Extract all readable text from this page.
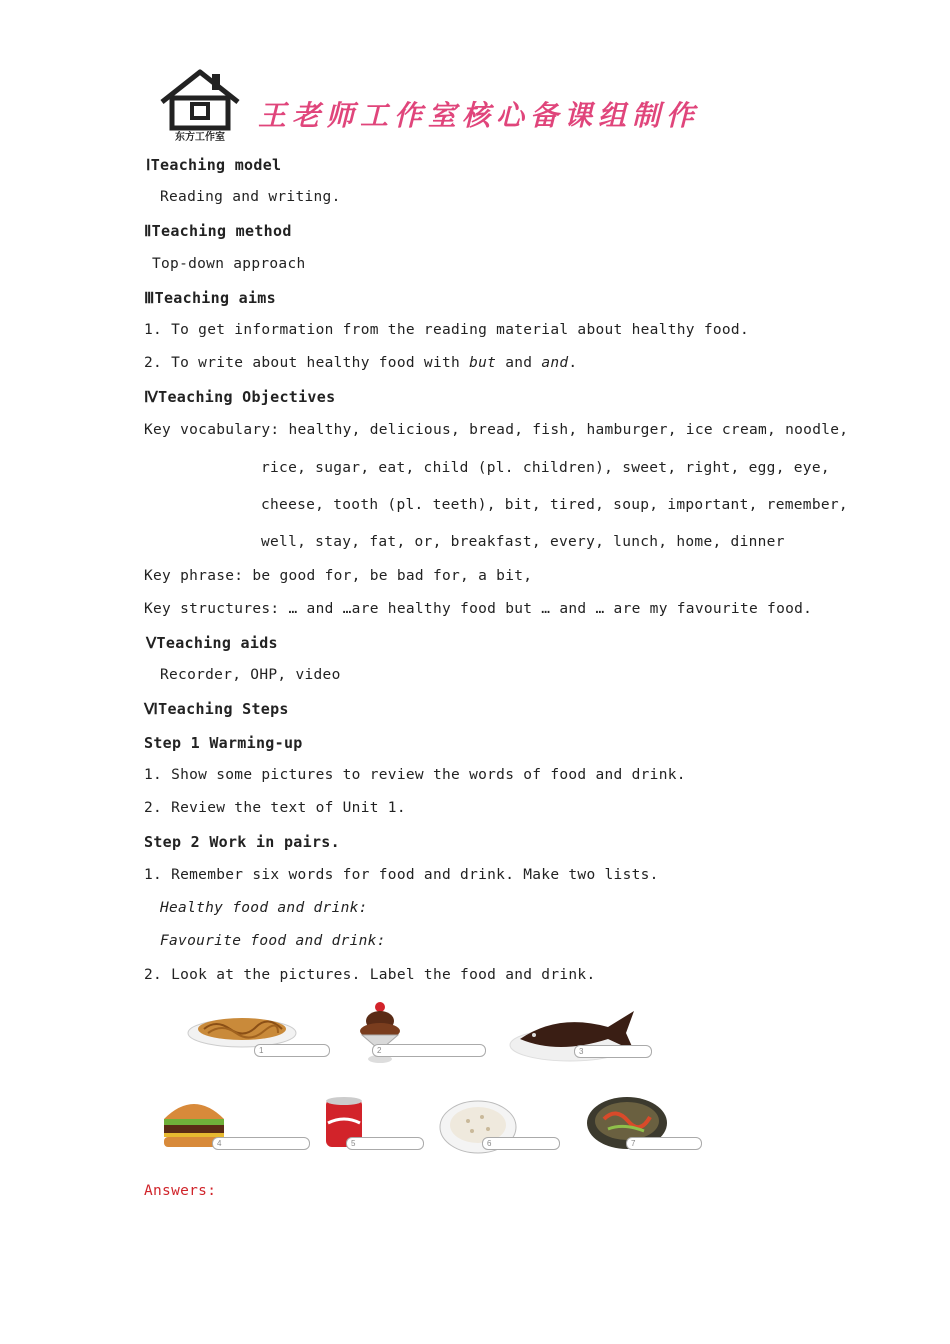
东方工作室
王老师工作室核心备课组制作
ⅠTeaching model
Reading and writing.
ⅡTeaching method
Top-down approach
ⅢTeaching aims
1. To get information from the reading material about healthy food.
2. To write about healthy food with but and and.
ⅣTeaching Objectives
Key vocabulary: healthy, delicious, bread, fish, hamburger, ice cream, noodle,
rice, sugar, eat, child (pl. children), sweet, right, egg, eye,
cheese, tooth (pl. teeth), bit, tired, soup, important, remember,
well, stay, fat, or, breakfast, every, lunch, home, dinner
Key phrase: be good for, be bad for, a bit,
Key structures: … and …are healthy food but … and … are my favourite food.
ⅤTeaching aids
Recorder, OHP, video
ⅥTeaching Steps
Step 1 Warming-up
1. Show some pictures to review the words of food and drink.
2. Review the text of Unit 1.
Step 2 Work in pairs.
1. Remember six words for food and drink. Make two lists.
Healthy food and drink:
Favourite food and drink:
2. Look at the pictures. Label the food and drink.
1	2	3
4	5	6	7
Answers:
